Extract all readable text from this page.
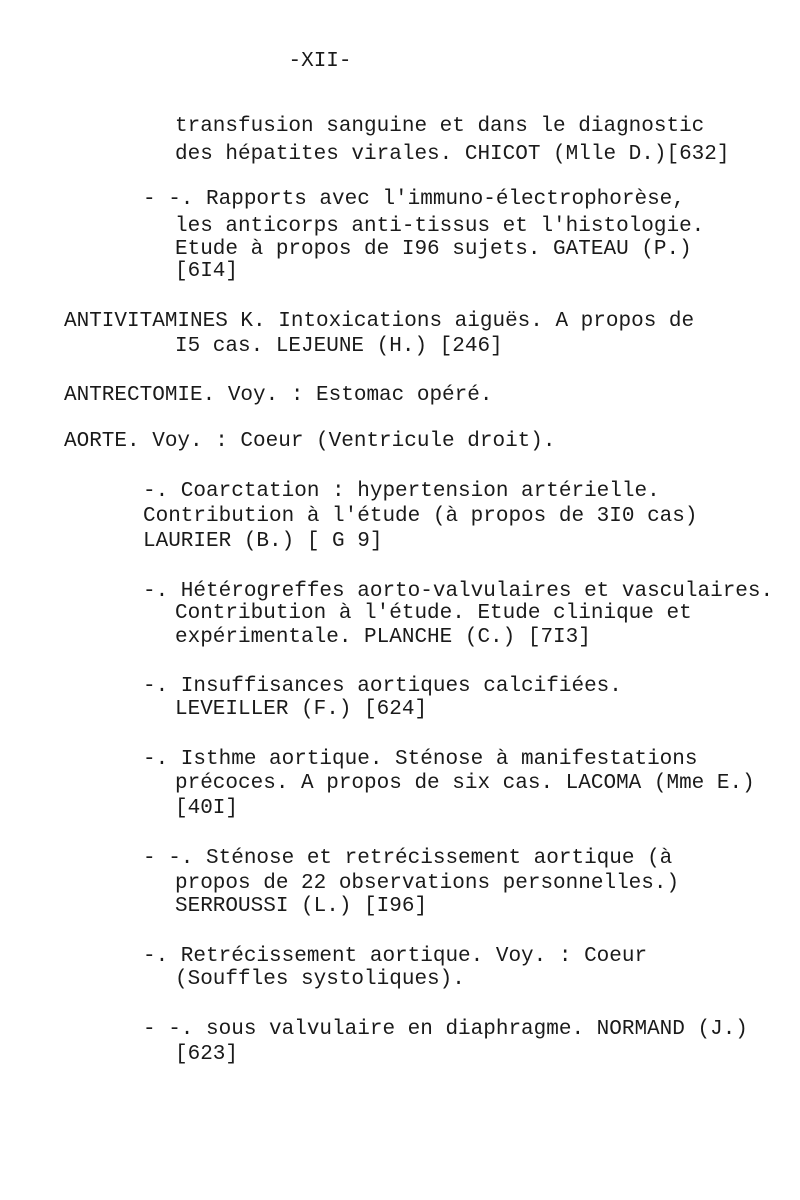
-XII-
transfusion sanguine et dans le diagnostic
des hépatites virales. CHICOT (Mlle D.)[632]
- -. Rapports avec l'immuno-électrophorèse,
les anticorps anti-tissus et l'histologie.
Etude à propos de I96 sujets. GATEAU (P.)
[6I4]
ANTIVITAMINES K. Intoxications aiguës. A propos de
I5 cas. LEJEUNE (H.) [246]
ANTRECTOMIE. Voy. : Estomac opéré.
AORTE. Voy. : Coeur (Ventricule droit).
-. Coarctation : hypertension artérielle.
Contribution à l'étude (à propos de 3I0 cas)
LAURIER (B.) [ G 9]
-. Hétérogreffes aorto-valvulaires et vasculaires.
Contribution à l'étude. Etude clinique et
expérimentale. PLANCHE (C.) [7I3]
-. Insuffisances aortiques calcifiées.
LEVEILLER (F.) [624]
-. Isthme aortique. Sténose à manifestations
précoces. A propos de six cas. LACOMA (Mme E.)
[40I]
- -. Sténose et retrécissement aortique (à
propos de 22 observations personnelles.)
SERROUSSI (L.) [I96]
-. Retrécissement aortique. Voy. : Coeur
(Souffles systoliques).
- -. sous valvulaire en diaphragme. NORMAND (J.)
[623]
